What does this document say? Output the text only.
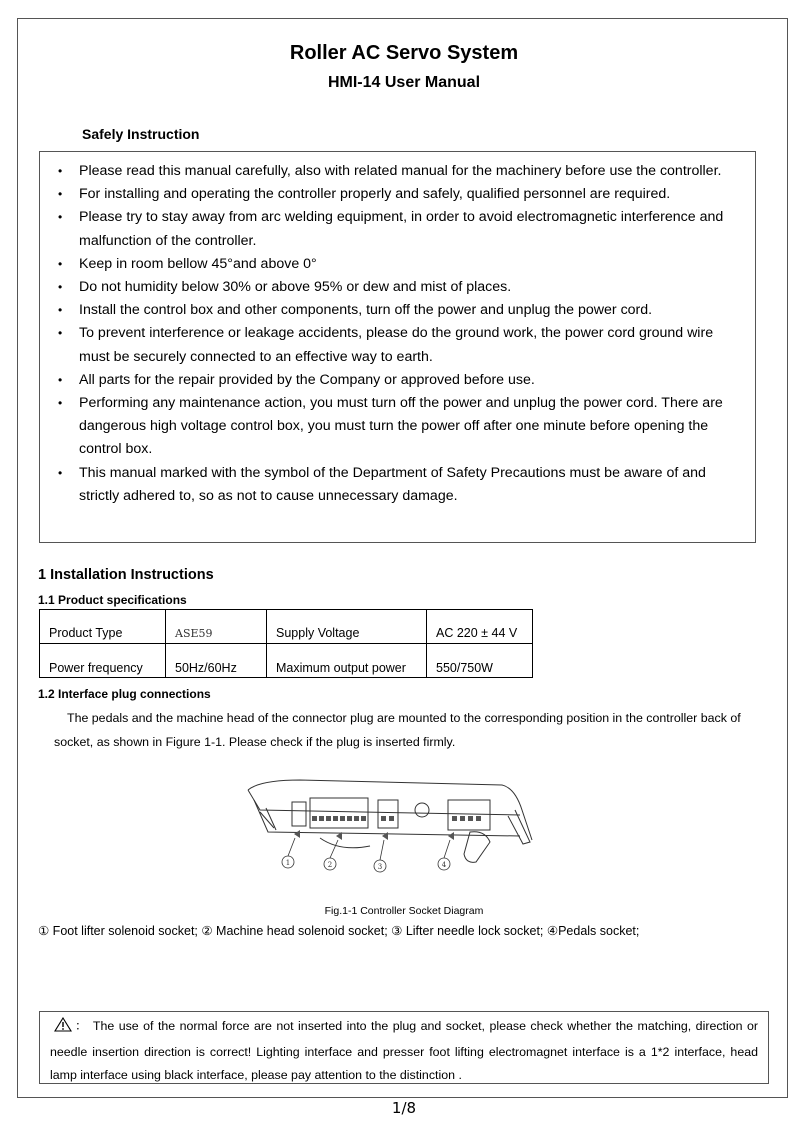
Roller AC Servo System
HMI-14 User Manual
Safely Instruction
• Please read this manual carefully, also with related manual for the machinery before use the controller.
• For installing and operating the controller properly and safely, qualified personnel are required.
• Please try to stay away from arc welding equipment, in order to avoid electromagnetic interference and malfunction of the controller.
• Keep in room bellow 45°and above 0°
• Do not humidity below 30% or above 95% or dew and mist of places.
• Install the control box and other components, turn off the power and unplug the power cord.
• To prevent interference or leakage accidents, please do the ground work, the power cord ground wire must be securely connected to an effective way to earth.
• All parts for the repair provided by the Company or approved before use.
• Performing any maintenance action, you must turn off the power and unplug the power cord. There are dangerous high voltage control box, you must turn the power off after one minute before opening the control box.
• This manual marked with the symbol of the Department of Safety Precautions must be aware of and strictly adhered to, so as not to cause unnecessary damage.
1 Installation Instructions
1.1 Product specifications
Product Type	ASE59	Supply Voltage	AC 220 ± 44 V
Power frequency	50Hz/60Hz	Maximum output power	550/750W
1.2 Interface plug connections
The pedals and the machine head of the connector plug are mounted to the corresponding position in the controller back of socket, as shown in Figure 1-1. Please check if the plug is inserted firmly.
1	2	3	4
Fig.1-1 Controller Socket Diagram
① Foot lifter solenoid socket; ② Machine head solenoid socket; ③ Lifter needle lock socket; ④Pedals socket;
： The use of the normal force are not inserted into the plug and socket, please check whether the matching, direction or needle insertion direction is correct! Lighting interface and presser foot lifting electromagnet interface is a 1*2 interface, head lamp interface using black interface, please pay attention to the distinction .
1/8
